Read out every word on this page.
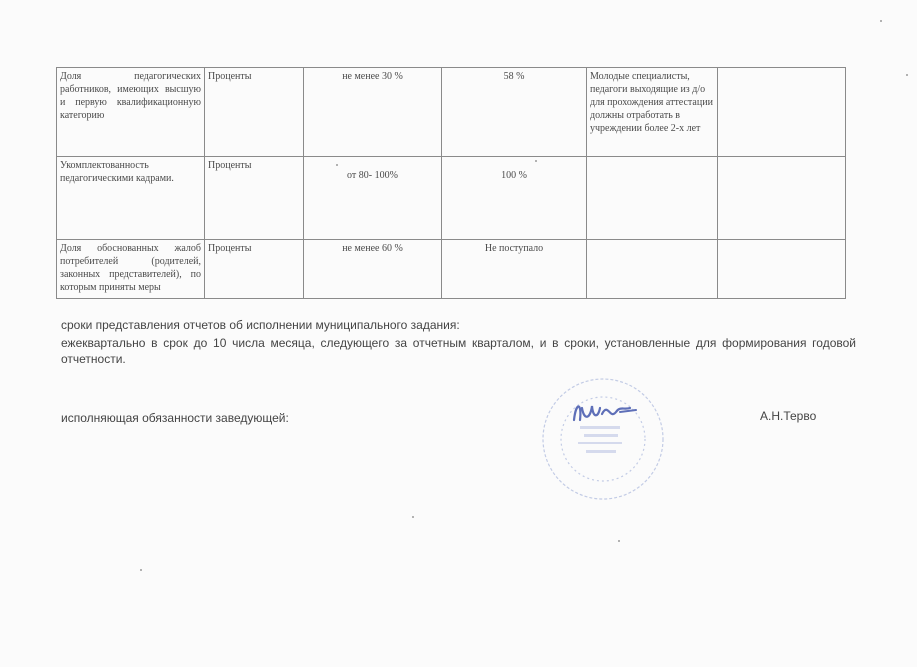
Доля педагогических работников, имеющих высшую и первую квалификационную категорию	Проценты	не менее 30 %	58 %	Молодые специалисты, педагоги выходящие из д/о для прохождения аттестации должны отработать в учреждении более 2-х лет	
Укомплектованность педагогическими кадрами.	Проценты	от 80- 100%	100 %		
Доля обоснованных жалоб потребителей (родителей, законных представителей), по которым приняты меры	Проценты	не менее 60 %	Не поступало		
сроки представления отчетов об исполнении муниципального задания:
ежеквартально в срок до 10 числа месяца, следующего за отчетным кварталом, и в сроки, установленные для формирования годовой отчетности.
исполняющая обязанности заведующей:	А.Н.Терво
